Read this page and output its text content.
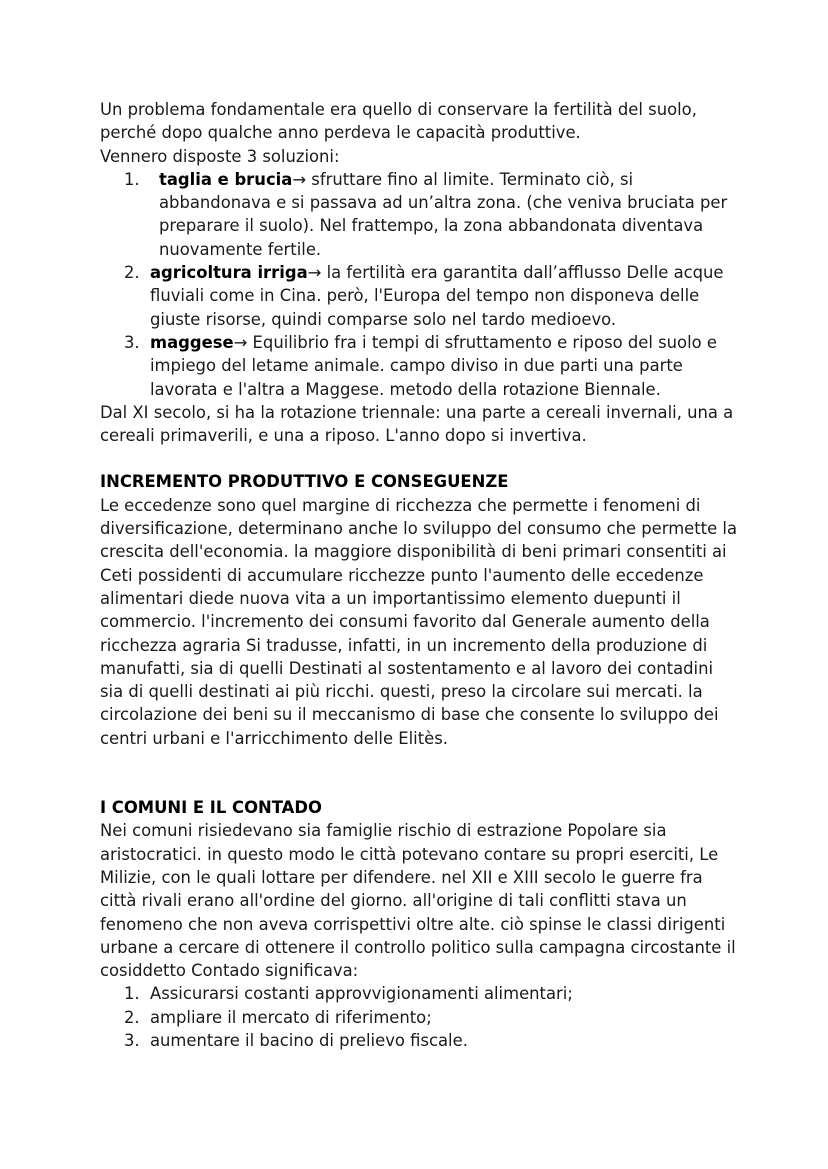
Un problema fondamentale era quello di conservare la fertilità del suolo, perché dopo qualche anno perdeva le capacità produttive.

Vennero disposte 3 soluzioni:

1.	taglia e brucia→ sfruttare fino al limite. Terminato ciò, si abbandonava e si passava ad un’altra zona. (che veniva bruciata per preparare il suolo). Nel frattempo, la zona abbandonata diventava nuovamente fertile.
2. agricoltura irriga→ la fertilità era garantita dall’afflusso Delle acque fluviali come in Cina. però, l'Europa del tempo non disponeva delle giuste risorse, quindi comparse solo nel tardo medioevo.
3. maggese→ Equilibrio fra i tempi di sfruttamento e riposo del suolo e impiego del letame animale. campo diviso in due parti una parte lavorata e l'altra a Maggese. metodo della rotazione Biennale.

Dal XI secolo, si ha la rotazione triennale: una parte a cereali invernali, una a cereali primaverili, e una a riposo. L'anno dopo si invertiva.

INCREMENTO PRODUTTIVO E CONSEGUENZE

Le eccedenze sono quel margine di ricchezza che permette i fenomeni di diversificazione, determinano anche lo sviluppo del consumo che permette la crescita dell'economia. la maggiore disponibilità di beni primari consentiti ai Ceti possidenti di accumulare ricchezze punto l'aumento delle eccedenze alimentari diede nuova vita a un importantissimo elemento duepunti il commercio. l'incremento dei consumi favorito dal Generale aumento della ricchezza agraria Si tradusse, infatti, in un incremento della produzione di manufatti, sia di quelli Destinati al sostentamento e al lavoro dei contadini sia di quelli destinati ai più ricchi. questi, preso la circolare sui mercati. la circolazione dei beni su il meccanismo di base che consente lo sviluppo dei centri urbani e l'arricchimento delle Elitès.

I COMUNI E IL CONTADO

Nei comuni risiedevano sia famiglie rischio di estrazione Popolare sia aristocratici. in questo modo le città potevano contare su propri eserciti, Le Milizie, con le quali lottare per difendere. nel XII e XIII secolo le guerre fra città rivali erano all'ordine del giorno. all'origine di tali conflitti stava un fenomeno che non aveva corrispettivi oltre alte. ciò spinse le classi dirigenti urbane a cercare di ottenere il controllo politico sulla campagna circostante il cosiddetto Contado significava:

1. Assicurarsi costanti approvvigionamenti alimentari;
2. ampliare il mercato di riferimento;
3. aumentare il bacino di prelievo fiscale.
